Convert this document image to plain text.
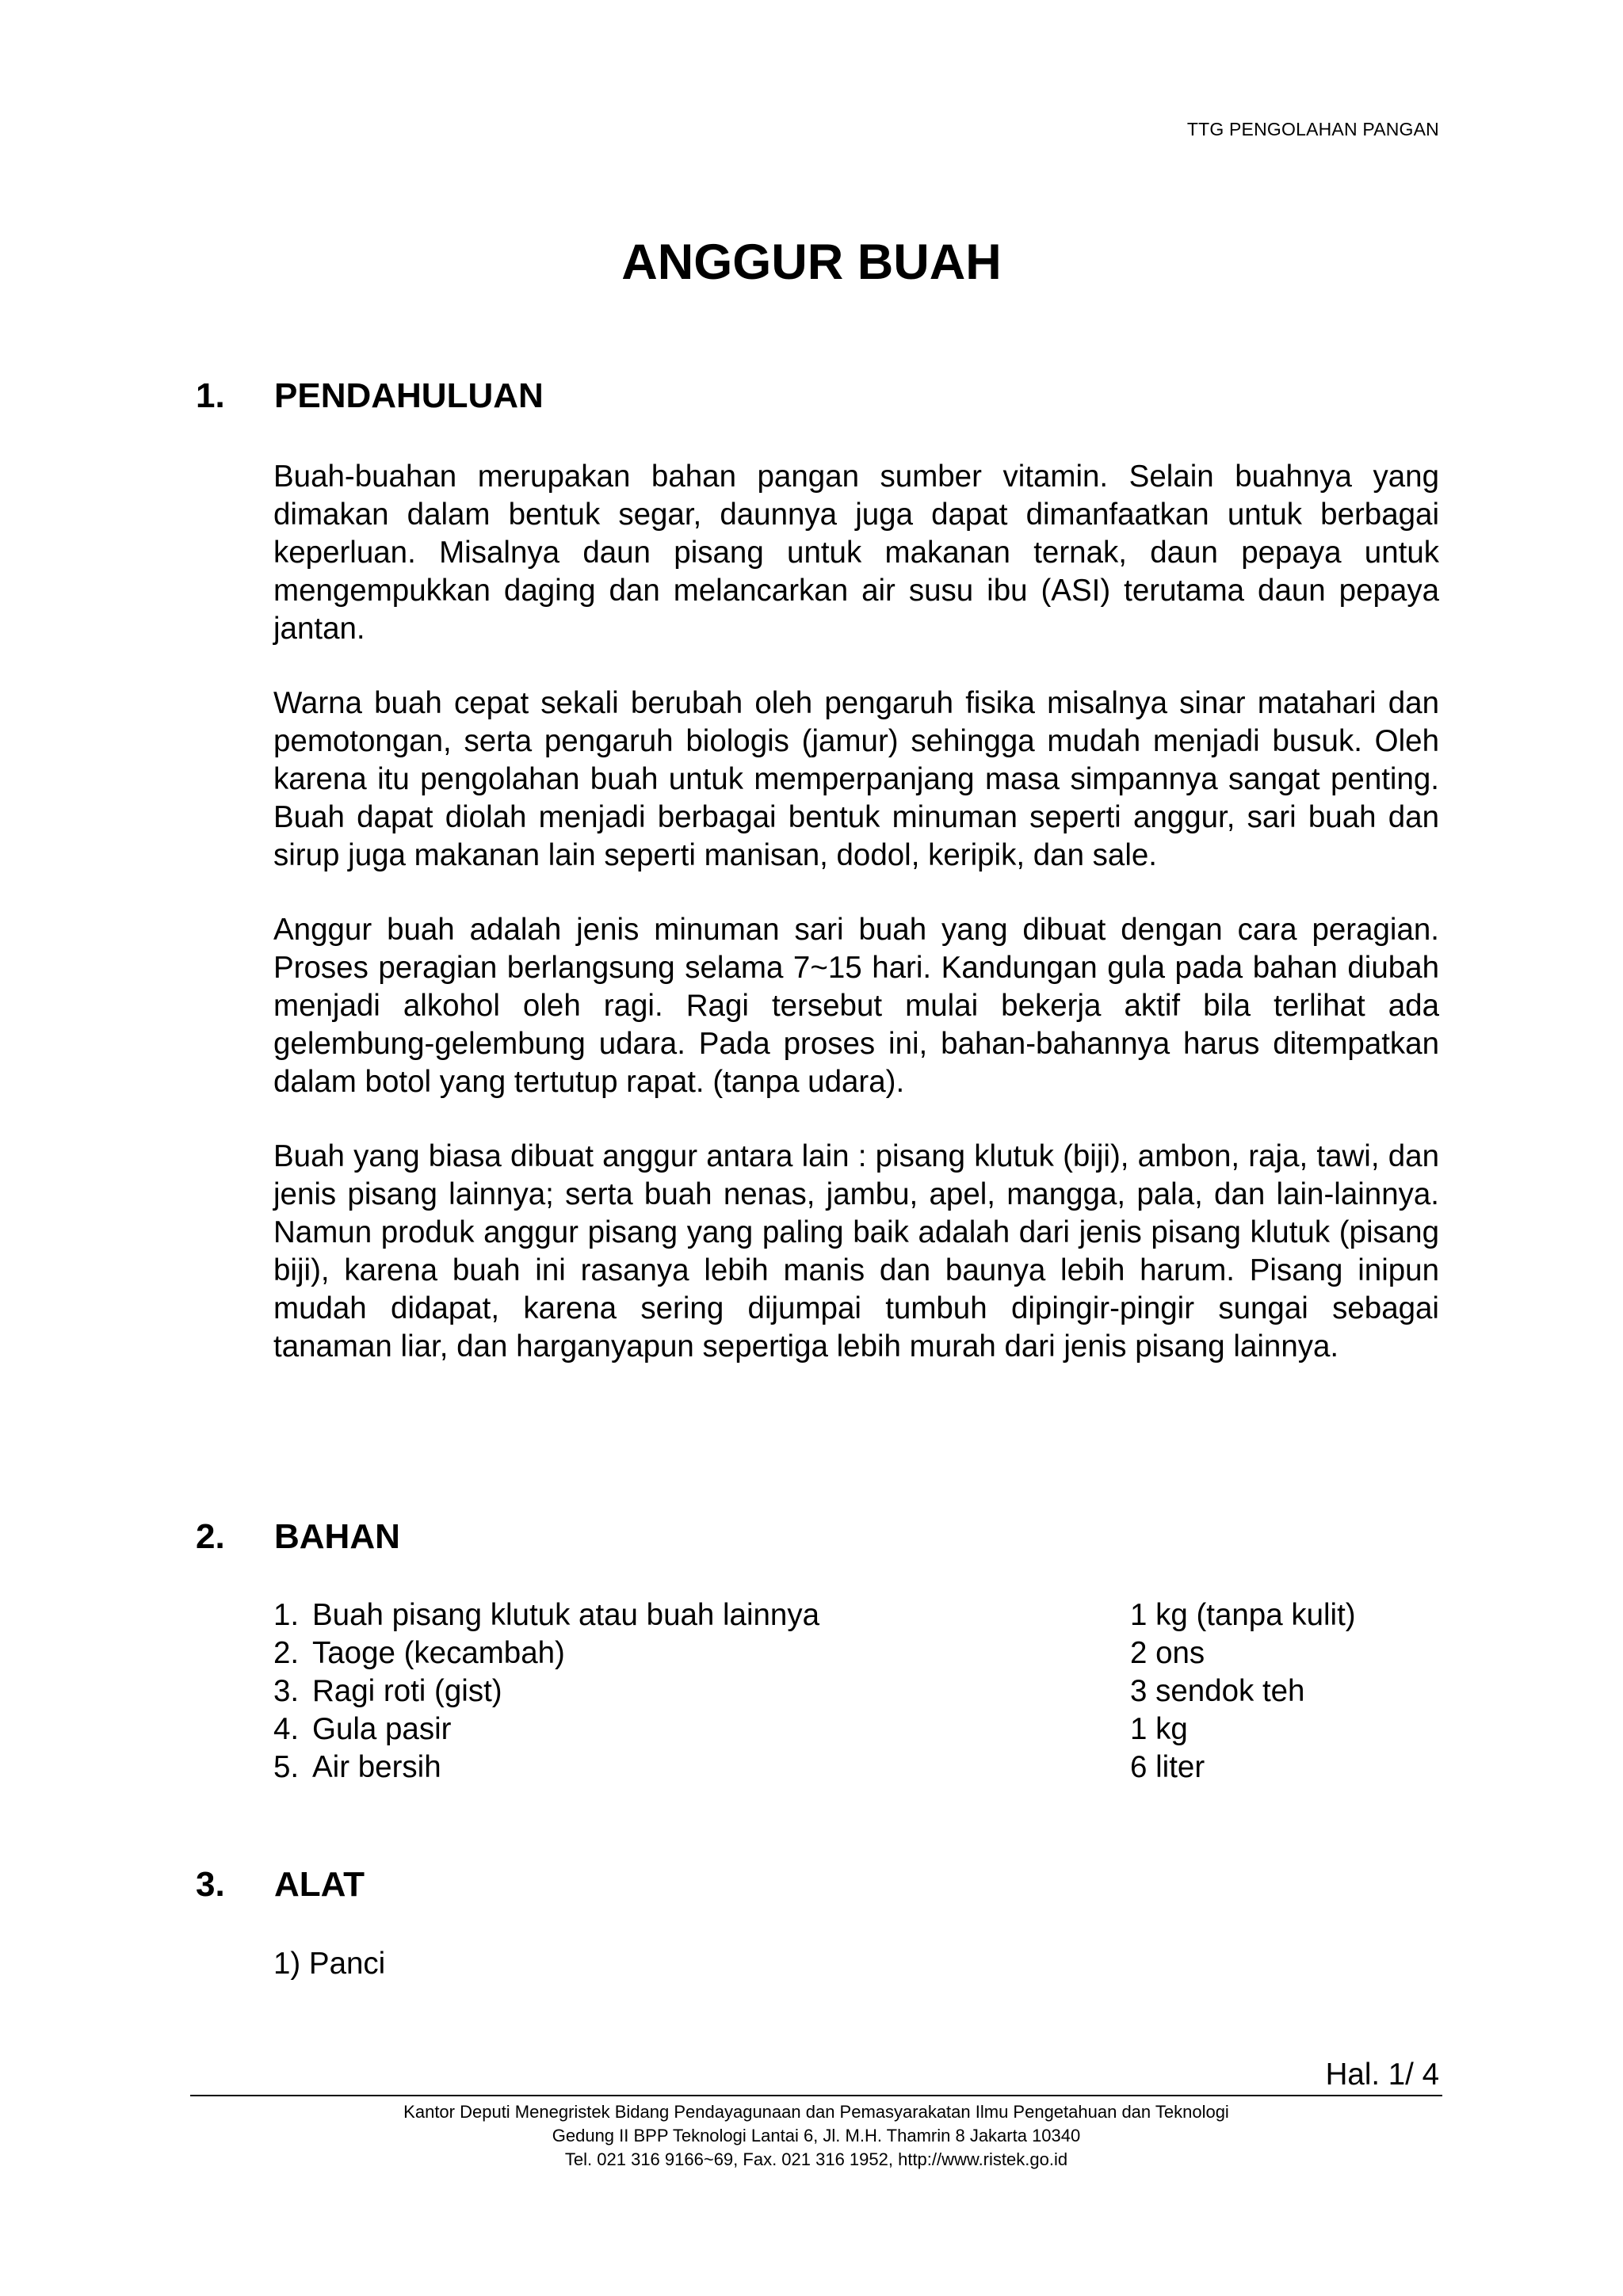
TTG PENGOLAHAN PANGAN
ANGGUR BUAH
1. PENDAHULUAN

Buah-buahan merupakan bahan pangan sumber vitamin. Selain buahnya yang dimakan dalam bentuk segar, daunnya juga dapat dimanfaatkan untuk berbagai keperluan. Misalnya daun pisang untuk makanan ternak, daun pepaya untuk mengempukkan daging dan melancarkan air susu ibu (ASI) terutama daun pepaya jantan.

Warna buah cepat sekali berubah oleh pengaruh fisika misalnya sinar matahari dan pemotongan, serta pengaruh biologis (jamur) sehingga mudah menjadi busuk. Oleh karena itu pengolahan buah untuk memperpanjang masa simpannya sangat penting. Buah dapat diolah menjadi berbagai bentuk minuman seperti anggur, sari buah dan sirup juga makanan lain seperti manisan, dodol, keripik, dan sale.

Anggur buah adalah jenis minuman sari buah yang dibuat dengan cara peragian. Proses peragian berlangsung selama 7~15 hari. Kandungan gula pada bahan diubah menjadi alkohol oleh ragi. Ragi tersebut mulai bekerja aktif bila terlihat ada gelembung-gelembung udara. Pada proses ini, bahan-bahannya harus ditempatkan dalam botol yang tertutup rapat. (tanpa udara).

Buah yang biasa dibuat anggur antara lain : pisang klutuk (biji), ambon, raja, tawi, dan jenis pisang lainnya; serta buah nenas, jambu, apel, mangga, pala, dan lain-lainnya. Namun produk anggur pisang yang paling baik adalah dari jenis pisang klutuk (pisang biji), karena buah ini rasanya lebih manis dan baunya lebih harum. Pisang inipun mudah didapat, karena sering dijumpai tumbuh dipingir-pingir sungai sebagai tanaman liar, dan harganyapun sepertiga lebih murah dari jenis pisang lainnya.

2. BAHAN
1. Buah pisang klutuk atau buah lainnya	1 kg (tanpa kulit)
2. Taoge (kecambah)	2 ons
3. Ragi roti (gist)	3 sendok teh
4. Gula pasir	1 kg
5. Air bersih	6 liter
3. ALAT
1) Panci
Hal. 1/ 4
Kantor Deputi Menegristek Bidang Pendayagunaan dan Pemasyarakatan Ilmu Pengetahuan dan Teknologi
Gedung II BPP Teknologi Lantai 6, Jl. M.H. Thamrin 8 Jakarta 10340
Tel. 021 316 9166~69, Fax. 021 316 1952, http://www.ristek.go.id
